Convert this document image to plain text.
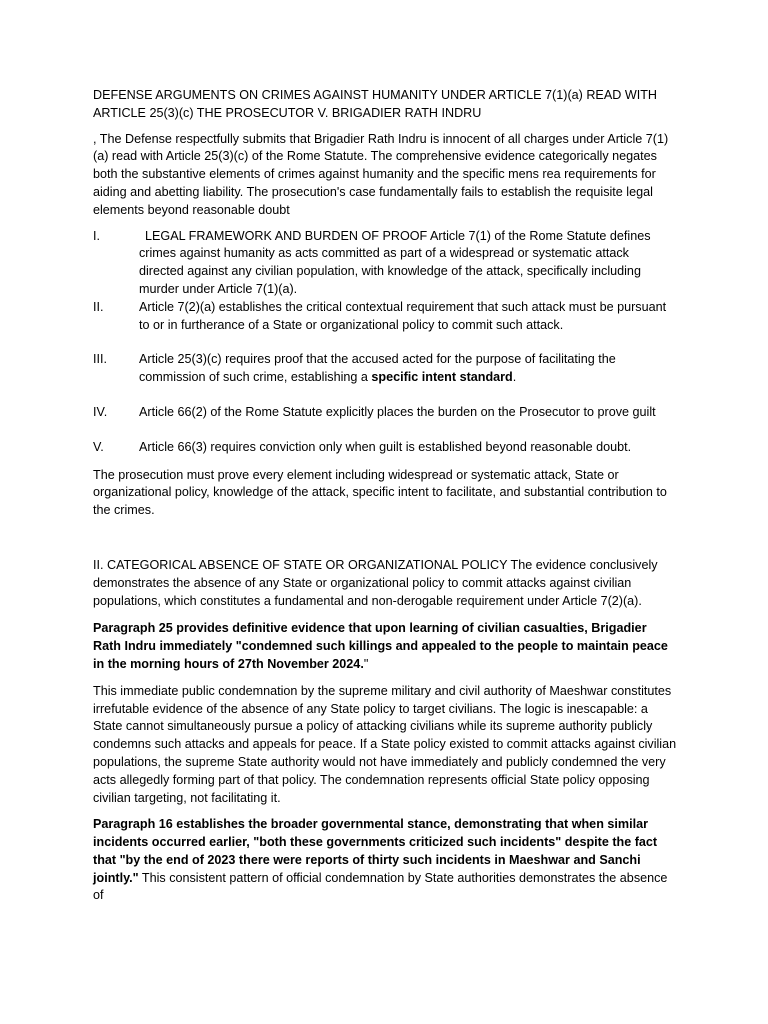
DEFENSE ARGUMENTS ON CRIMES AGAINST HUMANITY UNDER ARTICLE 7(1)(a) READ WITH ARTICLE 25(3)(c) THE PROSECUTOR V. BRIGADIER RATH INDRU

, The Defense respectfully submits that Brigadier Rath Indru is innocent of all charges under Article 7(1)(a) read with Article 25(3)(c) of the Rome Statute. The comprehensive evidence categorically negates both the substantive elements of crimes against humanity and the specific mens rea requirements for aiding and abetting liability. The prosecution's case fundamentally fails to establish the requisite legal elements beyond reasonable doubt

I.	LEGAL FRAMEWORK AND BURDEN OF PROOF Article 7(1) of the Rome Statute defines crimes against humanity as acts committed as part of a widespread or systematic attack directed against any civilian population, with knowledge of the attack, specifically including murder under Article 7(1)(a).
II.	Article 7(2)(a) establishes the critical contextual requirement that such attack must be pursuant to or in furtherance of a State or organizational policy to commit such attack.
III.	Article 25(3)(c) requires proof that the accused acted for the purpose of facilitating the commission of such crime, establishing a specific intent standard.
IV.	Article 66(2) of the Rome Statute explicitly places the burden on the Prosecutor to prove guilt
V.	Article 66(3) requires conviction only when guilt is established beyond reasonable doubt.

The prosecution must prove every element including widespread or systematic attack, State or organizational policy, knowledge of the attack, specific intent to facilitate, and substantial contribution to the crimes.

II. CATEGORICAL ABSENCE OF STATE OR ORGANIZATIONAL POLICY The evidence conclusively demonstrates the absence of any State or organizational policy to commit attacks against civilian populations, which constitutes a fundamental and non-derogable requirement under Article 7(2)(a).

Paragraph 25 provides definitive evidence that upon learning of civilian casualties, Brigadier Rath Indru immediately "condemned such killings and appealed to the people to maintain peace in the morning hours of 27th November 2024."

This immediate public condemnation by the supreme military and civil authority of Maeshwar constitutes irrefutable evidence of the absence of any State policy to target civilians. The logic is inescapable: a State cannot simultaneously pursue a policy of attacking civilians while its supreme authority publicly condemns such attacks and appeals for peace. If a State policy existed to commit attacks against civilian populations, the supreme State authority would not have immediately and publicly condemned the very acts allegedly forming part of that policy. The condemnation represents official State policy opposing civilian targeting, not facilitating it.

Paragraph 16 establishes the broader governmental stance, demonstrating that when similar incidents occurred earlier, "both these governments criticized such incidents" despite the fact that "by the end of 2023 there were reports of thirty such incidents in Maeshwar and Sanchi jointly." This consistent pattern of official condemnation by State authorities demonstrates the absence of
